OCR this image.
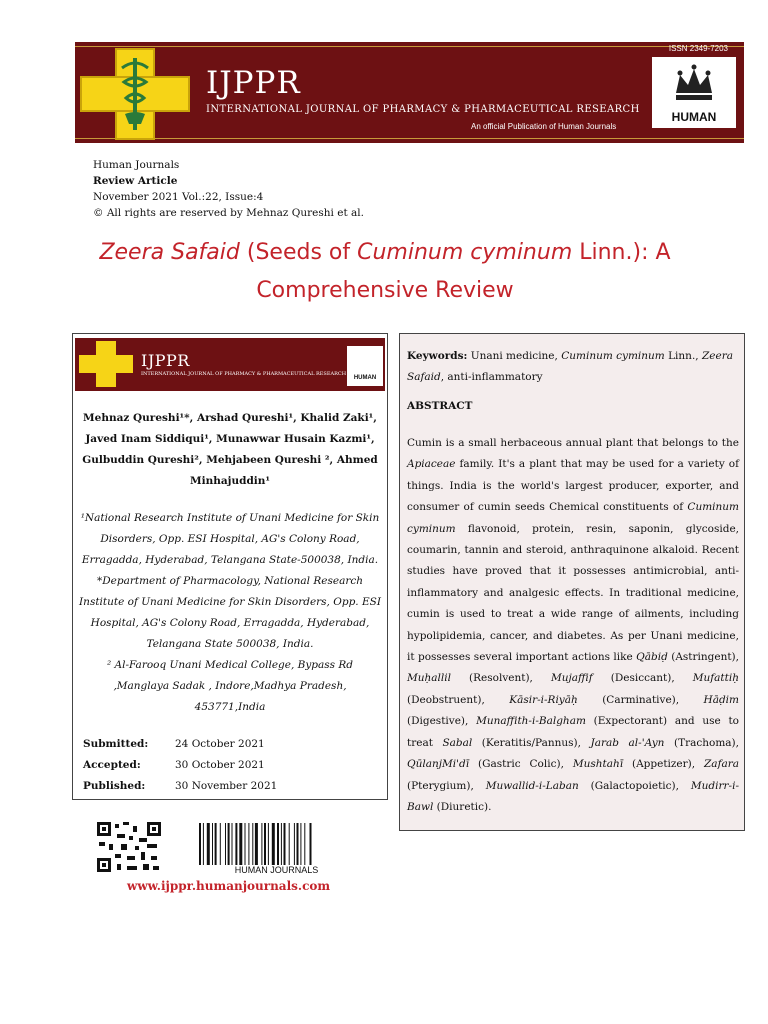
ISSN 2349-7203
IJPPR
INTERNATIONAL JOURNAL OF PHARMACY & PHARMACEUTICAL RESEARCH
An official Publication of Human Journals
HUMAN
Human Journals
Review Article
November 2021 Vol.:22, Issue:4
© All rights are reserved by Mehnaz Qureshi et al.
Zeera Safaid (Seeds of Cuminum cyminum Linn.): A Comprehensive Review
IJPPR
INTERNATIONAL JOURNAL OF PHARMACY & PHARMACEUTICAL RESEARCH
HUMAN
Mehnaz Qureshi¹*, Arshad Qureshi¹, Khalid Zaki¹, Javed Inam Siddiqui¹, Munawwar Husain Kazmi¹, Gulbuddin Qureshi², Mehjabeen Qureshi ², Ahmed Minhajuddin¹
¹National Research Institute of Unani Medicine for Skin Disorders, Opp. ESI Hospital, AG's Colony Road, Erragadda, Hyderabad, Telangana State-500038, India.
*Department of Pharmacology, National Research Institute of Unani Medicine for Skin Disorders, Opp. ESI Hospital, AG's Colony Road, Erragadda, Hyderabad, Telangana State 500038, India.
² Al-Farooq Unani Medical College, Bypass Rd ,Manglaya Sadak , Indore,Madhya Pradesh, 453771,India
Submitted:	24 October 2021
Accepted:	30 October 2021
Published:	30 November 2021
Keywords: Unani medicine, Cuminum cyminum Linn., Zeera Safaid, anti-inflammatory
ABSTRACT
Cumin is a small herbaceous annual plant that belongs to the Apiaceae family. It's a plant that may be used for a variety of things. India is the world's largest producer, exporter, and consumer of cumin seeds Chemical constituents of Cuminum cyminum flavonoid, protein, resin, saponin, glycoside, coumarin, tannin and steroid, anthraquinone alkaloid. Recent studies have proved that it possesses antimicrobial, anti-inflammatory and analgesic effects. In traditional medicine, cumin is used to treat a wide range of ailments, including hypolipidemia, cancer, and diabetes. As per Unani medicine, it possesses several important actions like Qābiḍ (Astringent), Muḥallil (Resolvent), Mujaffif (Desiccant), Mufattiḥ (Deobstruent), Kāsir-i-Riyāḥ (Carminative), Hāḍim (Digestive), Munaffith-i-Balgham (Expectorant) and use to treat Sabal (Keratitis/Pannus), Jarab al-'Ayn (Trachoma), QūlanjMi'dī (Gastric Colic), Mushtahī (Appetizer), Zafara (Pterygium), Muwallid-i-Laban (Galactopoietic), Mudirr-i-Bawl (Diuretic).
HUMAN JOURNALS
www.ijppr.humanjournals.com
